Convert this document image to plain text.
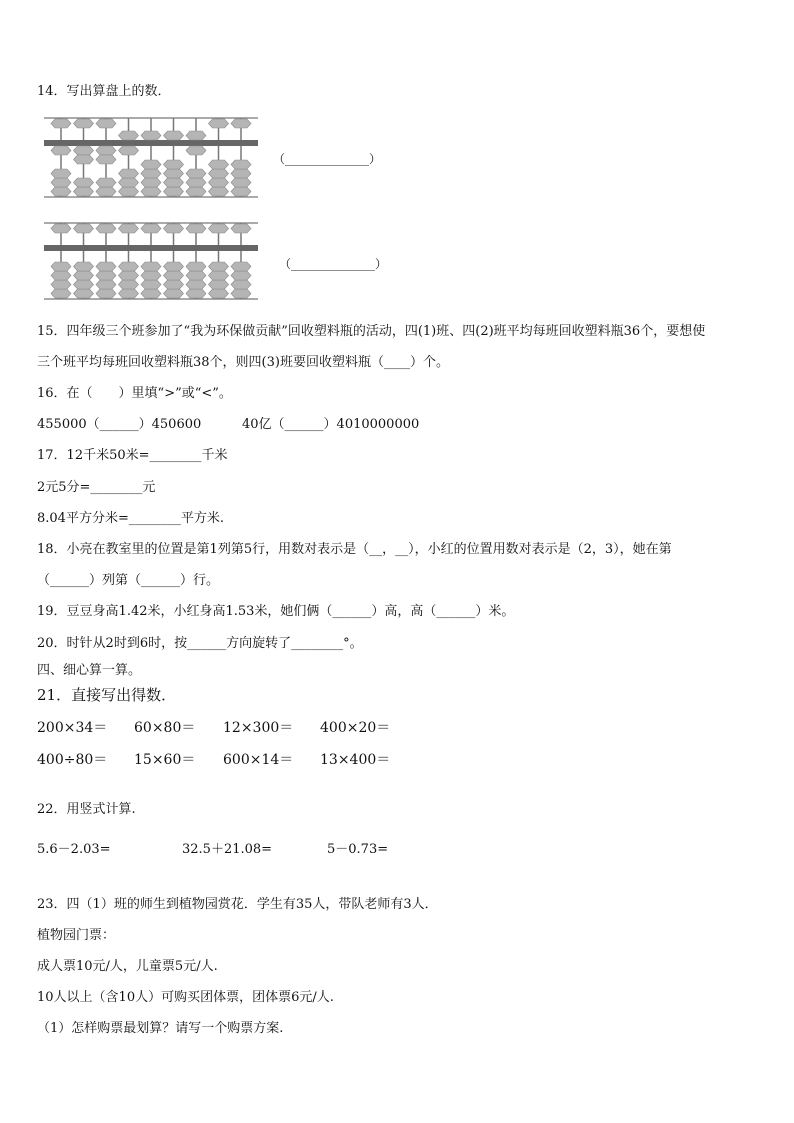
14．写出算盘上的数．
（______________）
（______________）
15．四年级三个班参加了“我为环保做贡献”回收塑料瓶的活动，四(1)班、四(2)班平均每班回收塑料瓶36个，要想使
三个班平均每班回收塑料瓶38个，则四(3)班要回收塑料瓶（____）个。
16．在（　　）里填“>”或“<”。
455000（______）450600	40亿（______）4010000000
17．12千米50米=________千米
2元5分=________元
8.04平方分米=________平方米.
18．小亮在教室里的位置是第1列第5行，用数对表示是（__，__），小红的位置用数对表示是（2，3），她在第
（______）列第（______）行。
19．豆豆身高1.42米，小红身高1.53米，她们俩（______）高，高（______）米。
20．时针从2时到6时，按______方向旋转了________°。
四、细心算一算。
21．直接写出得数．
200×34＝ 60×80＝ 12×300＝ 400×20＝
400÷80＝ 15×60＝ 600×14＝ 13×400＝
22．用竖式计算.
5.6－2.03=	32.5＋21.08=	5－0.73=
23．四（1）班的师生到植物园赏花．学生有35人，带队老师有3人．
植物园门票：
成人票10元/人，儿童票5元/人.
10人以上（含10人）可购买团体票，团体票6元/人.
（1）怎样购票最划算？请写一个购票方案.
